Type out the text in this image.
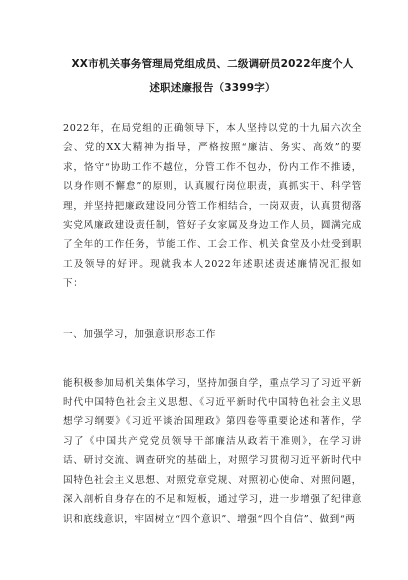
XX市机关事务管理局党组成员、二级调研员2022年度个人
述职述廉报告（3399字）

2022年，在局党组的正确领导下，本人坚持以党的十九届六次全会、党的XX大精神为指导，严格按照“廉洁、务实、高效”的要求，恪守“协助工作不越位，分管工作不包办，份内工作不推诿，以身作则不懈怠”的原则，认真履行岗位职责，真抓实干、科学管理，并坚持把廉政建设同分管工作相结合，一岗双责，认真贯彻落实党风廉政建设责任制，管好子女家属及身边工作人员，圆满完成了全年的工作任务，节能工作、工会工作、机关食堂及小灶受到职工及领导的好评。现就我本人2022年述职述责述廉情况汇报如下：

一、加强学习，加强意识形态工作

能积极参加局机关集体学习，坚持加强自学，重点学习了习近平新时代中国特色社会主义思想、《习近平新时代中国特色社会主义思想学习纲要》《习近平谈治国理政》第四卷等重要论述和著作，学习了《中国共产党党员领导干部廉洁从政若干准则》，在学习讲话、研讨交流、调查研究的基础上，对照学习贯彻习近平新时代中国特色社会主义思想、对照党章党规、对照初心使命、对照问题，深入剖析自身存在的不足和短板，通过学习，进一步增强了纪律意识和底线意识，牢固树立“四个意识”、增强“四个自信”、做到“两
